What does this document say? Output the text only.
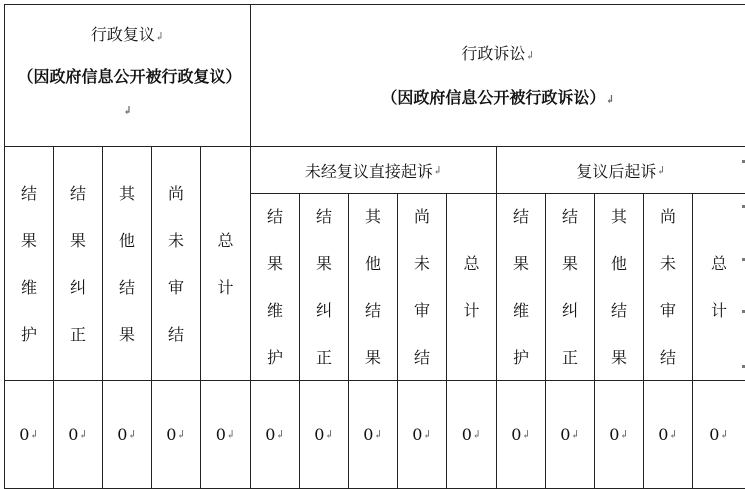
行政复议↲
（因政府信息公开被行政复议）↲
行政诉讼↲
（因政府信息公开被行政诉讼）↲
未经复议直接起诉 ↲	复议后起诉 ↲
结果维护
结果纠正
其他结果
尚未审结
总计
结果维护
结果纠正
其他结果
尚未审结
总计
结果维护
结果纠正
其他结果
尚未审结
总计
0 ↲ 0 ↲ 0 ↲ 0 ↲ 0 ↲ 0 ↲ 0 ↲ 0 ↲ 0 ↲ 0 ↲ 0 ↲ 0 ↲ 0 ↲ 0 ↲ 0 ↲
